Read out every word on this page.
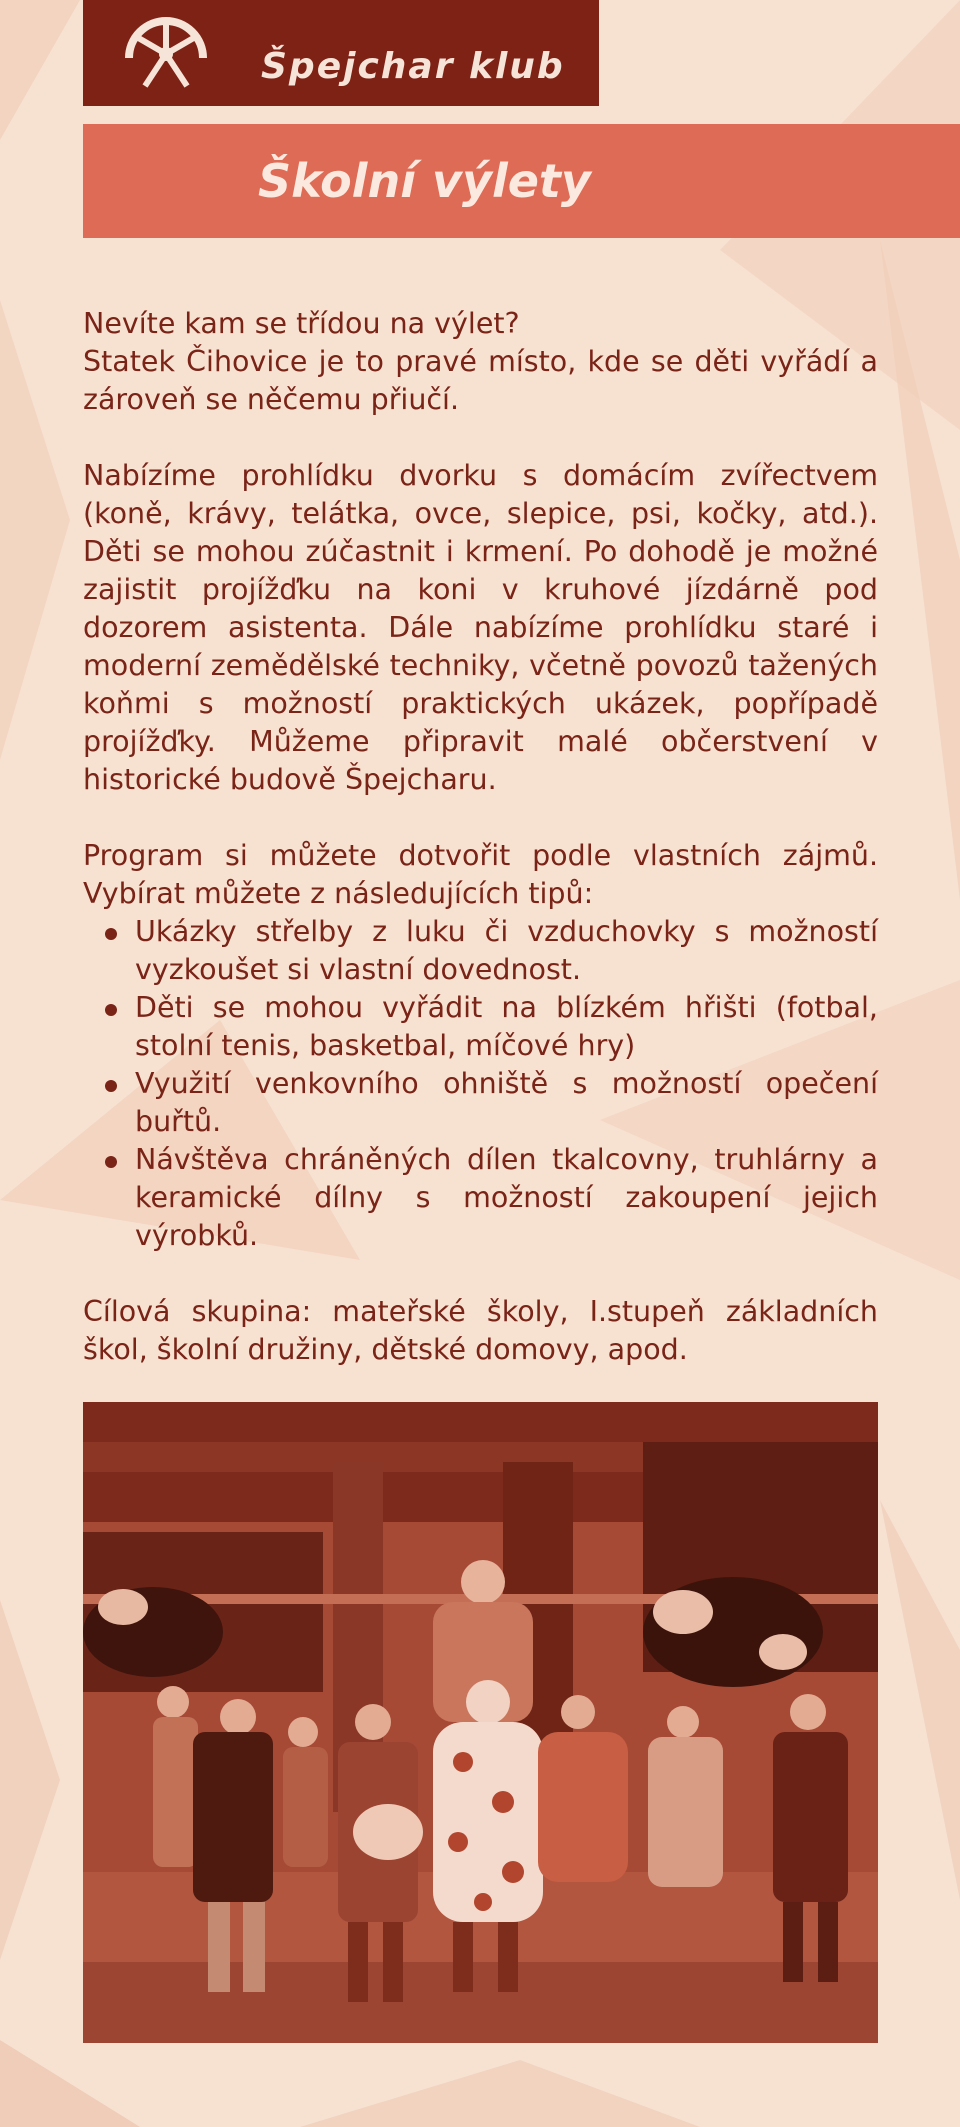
Špejchar klub
Školní výlety

Nevíte kam se třídou na výlet?
Statek Čihovice je to pravé místo, kde se děti vyřádí a zároveň se něčemu přiučí.

Nabízíme prohlídku dvorku s domácím zvířectvem (koně, krávy, telátka, ovce, slepice, psi, kočky, atd.). Děti se mohou zúčastnit i krmení. Po dohodě je možné zajistit projížďku na koni v kruhové jízdárně pod dozorem asistenta. Dále nabízíme prohlídku staré i moderní zemědělské techniky, včetně povozů tažených koňmi s možností praktických ukázek, popřípadě projížďky. Můžeme připravit malé občerstvení v historické budově Špejcharu.

Program si můžete dotvořit podle vlastních zájmů. Vybírat můžete z následujících tipů:

Ukázky střelby z luku či vzduchovky s možností vyzkoušet si vlastní dovednost.
Děti se mohou vyřádit na blízkém hřišti (fotbal, stolní tenis, basketbal, míčové hry)
Využití venkovního ohniště s možností opečení buřtů.
Návštěva chráněných dílen tkalcovny, truhlárny a keramické dílny s možností zakoupení jejich výrobků.

Cílová skupina: mateřské školy, I.stupeň základních škol, školní družiny, dětské domovy, apod.
